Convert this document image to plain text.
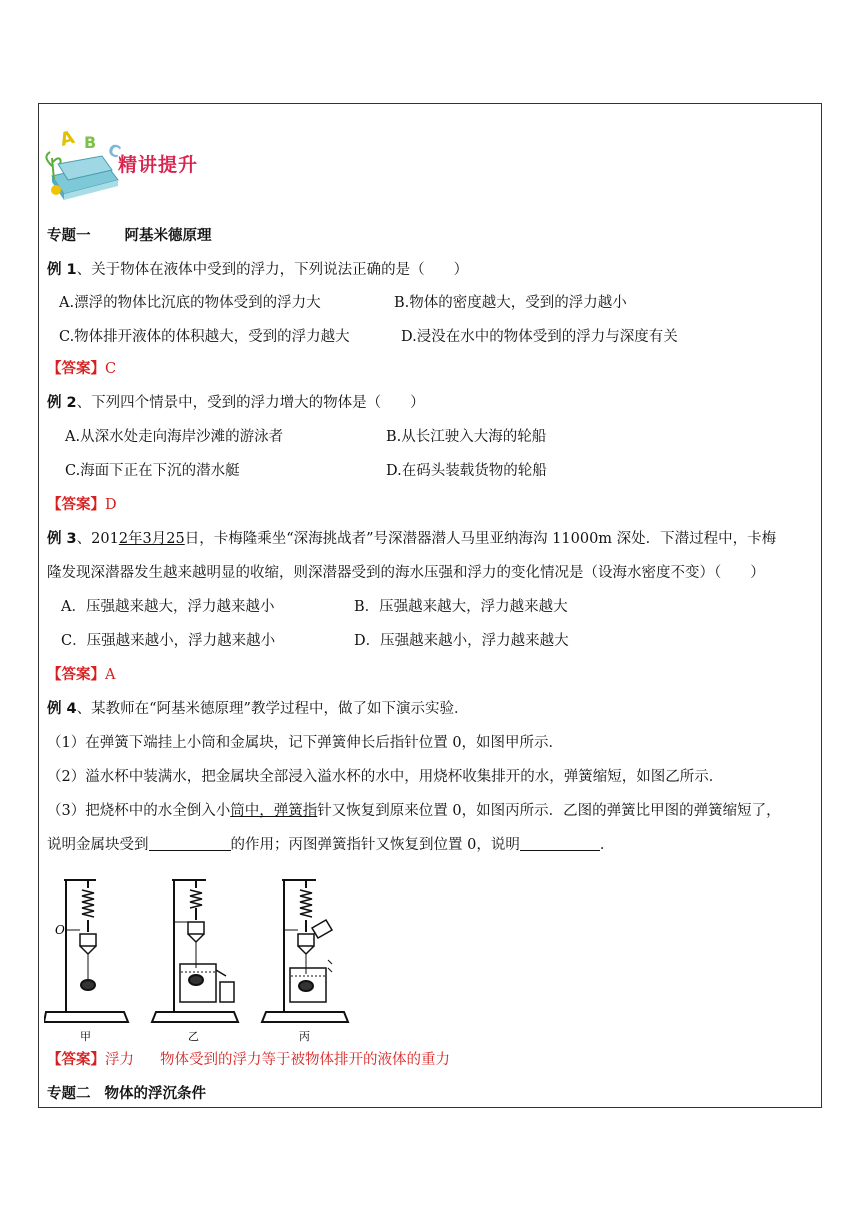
A B C
精讲提升
专题一 阿基米德原理
例 1、关于物体在液体中受到的浮力，下列说法正确的是（　　）
A.漂浮的物体比沉底的物体受到的浮力大	B.物体的密度越大，受到的浮力越小
C.物体排开液体的体积越大，受到的浮力越大	D.浸没在水中的物体受到的浮力与深度有关
【答案】C
例 2、下列四个情景中，受到的浮力增大的物体是（　　）
A.从深水处走向海岸沙滩的游泳者	B.从长江驶入大海的轮船
C.海面下正在下沉的潜水艇	D.在码头装载货物的轮船
【答案】D
例 3、2012年3月25日，卡梅隆乘坐“深海挑战者”号深潜器潜人马里亚纳海沟 11000m 深处．下潜过程中，卡梅
隆发现深潜器发生越来越明显的收缩，则深潜器受到的海水压强和浮力的变化情况是（设海水密度不变）（　　）
A．压强越来越大，浮力越来越小	B．压强越来越大，浮力越来越大
C．压强越来越小，浮力越来越小	D．压强越来越小，浮力越来越大
【答案】A
例 4、某教师在“阿基米德原理”教学过程中，做了如下演示实验．
（1）在弹簧下端挂上小筒和金属块，记下弹簧伸长后指针位置 0，如图甲所示．
（2）溢水杯中装满水，把金属块全部浸入溢水杯的水中，用烧杯收集排开的水，弹簧缩短，如图乙所示．
（3）把烧杯中的水全倒入小筒中，弹簧指针又恢复到原来位置 0，如图丙所示．乙图的弹簧比甲图的弹簧缩短了，
说明金属块受到	的作用；丙图弹簧指针又恢复到位置 0，说明	．
O
甲	乙	丙
【答案】浮力 物体受到的浮力等于被物体排开的液体的重力
专题二 物体的浮沉条件
